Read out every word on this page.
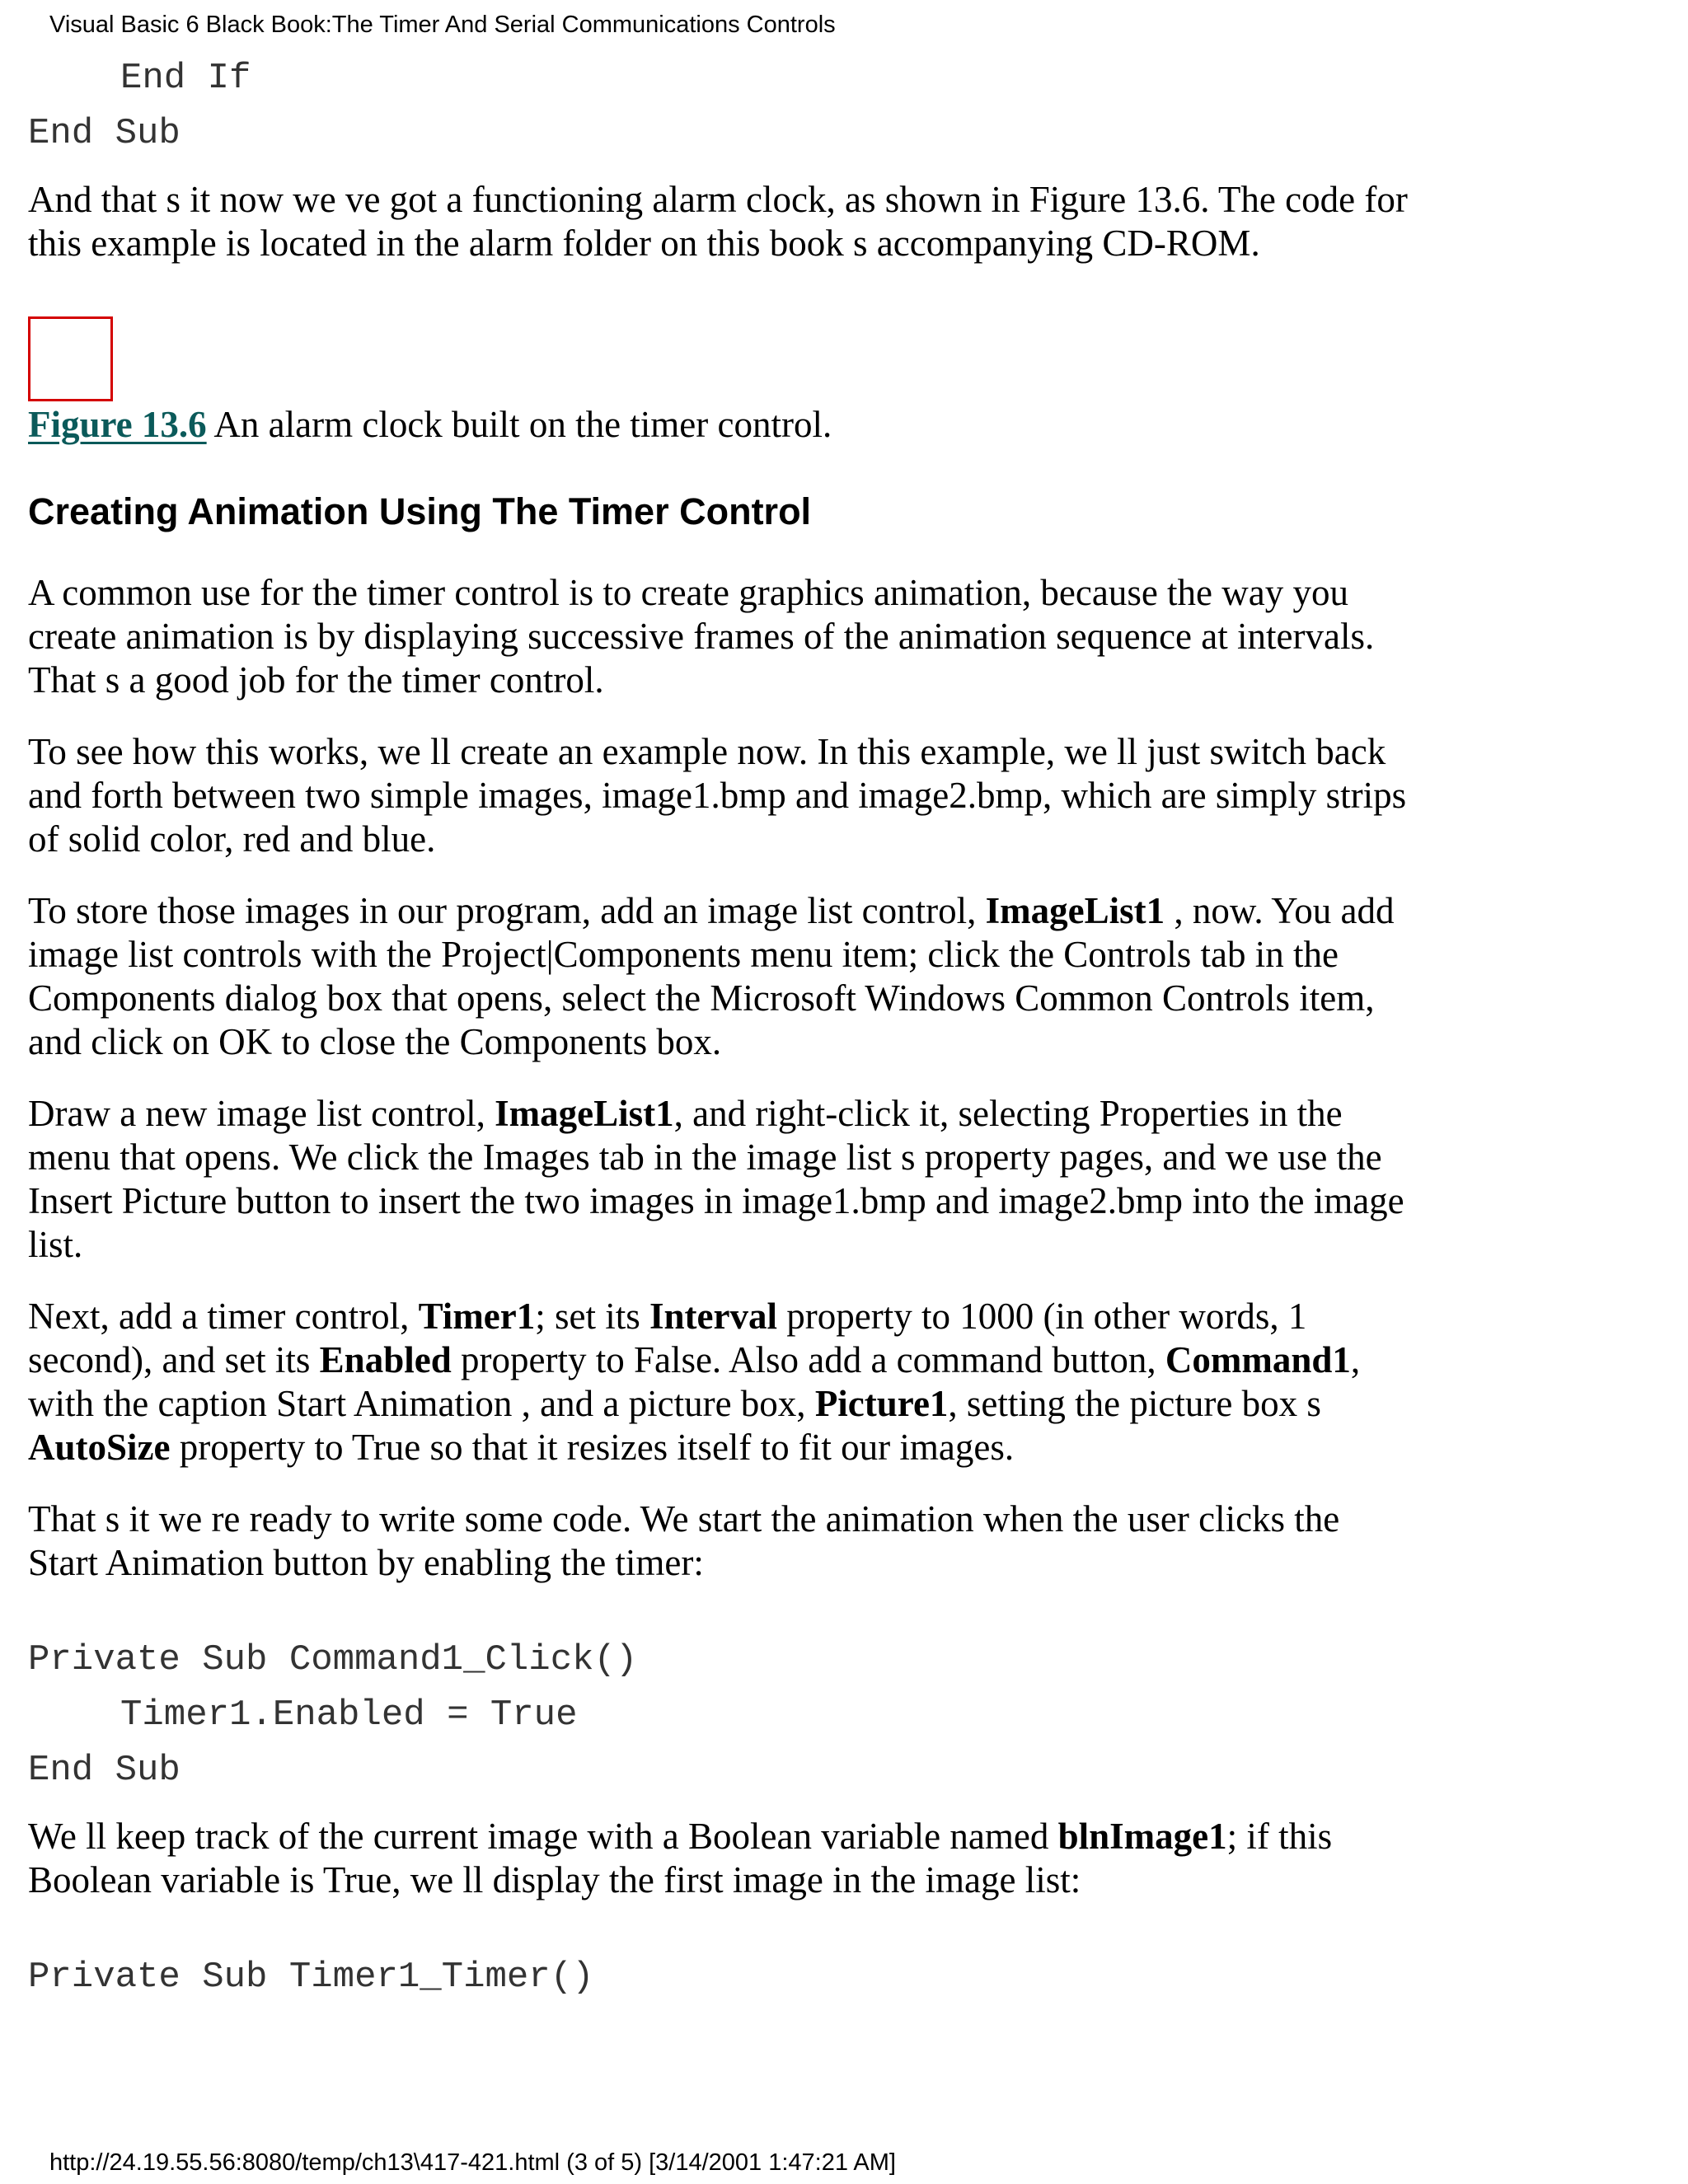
Visual Basic 6 Black Book:The Timer And Serial Communications Controls

End If

End Sub

And that s it now we ve got a functioning alarm clock, as shown in Figure 13.6. The code for this example is located in the alarm folder on this book s accompanying CD-ROM.

Figure 13.6 An alarm clock built on the timer control.

Creating Animation Using The Timer Control

A common use for the timer control is to create graphics animation, because the way you create animation is by displaying successive frames of the animation sequence at intervals. That s a good job for the timer control.

To see how this works, we ll create an example now. In this example, we ll just switch back and forth between two simple images, image1.bmp and image2.bmp, which are simply strips of solid color, red and blue.

To store those images in our program, add an image list control, ImageList1 , now. You add image list controls with the Project|Components menu item; click the Controls tab in the Components dialog box that opens, select the Microsoft Windows Common Controls item, and click on OK to close the Components box.

Draw a new image list control, ImageList1, and right-click it, selecting Properties in the menu that opens. We click the Images tab in the image list s property pages, and we use the Insert Picture button to insert the two images in image1.bmp and image2.bmp into the image list.

Next, add a timer control, Timer1; set its Interval property to 1000 (in other words, 1 second), and set its Enabled property to False. Also add a command button, Command1, with the caption Start Animation , and a picture box, Picture1, setting the picture box s AutoSize property to True so that it resizes itself to fit our images.

That s it we re ready to write some code. We start the animation when the user clicks the Start Animation button by enabling the timer:

Private Sub Command1_Click()

Timer1.Enabled = True

End Sub

We ll keep track of the current image with a Boolean variable named blnImage1; if this Boolean variable is True, we ll display the first image in the image list:

Private Sub Timer1_Timer()

http://24.19.55.56:8080/temp/ch13\417-421.html (3 of 5) [3/14/2001 1:47:21 AM]
